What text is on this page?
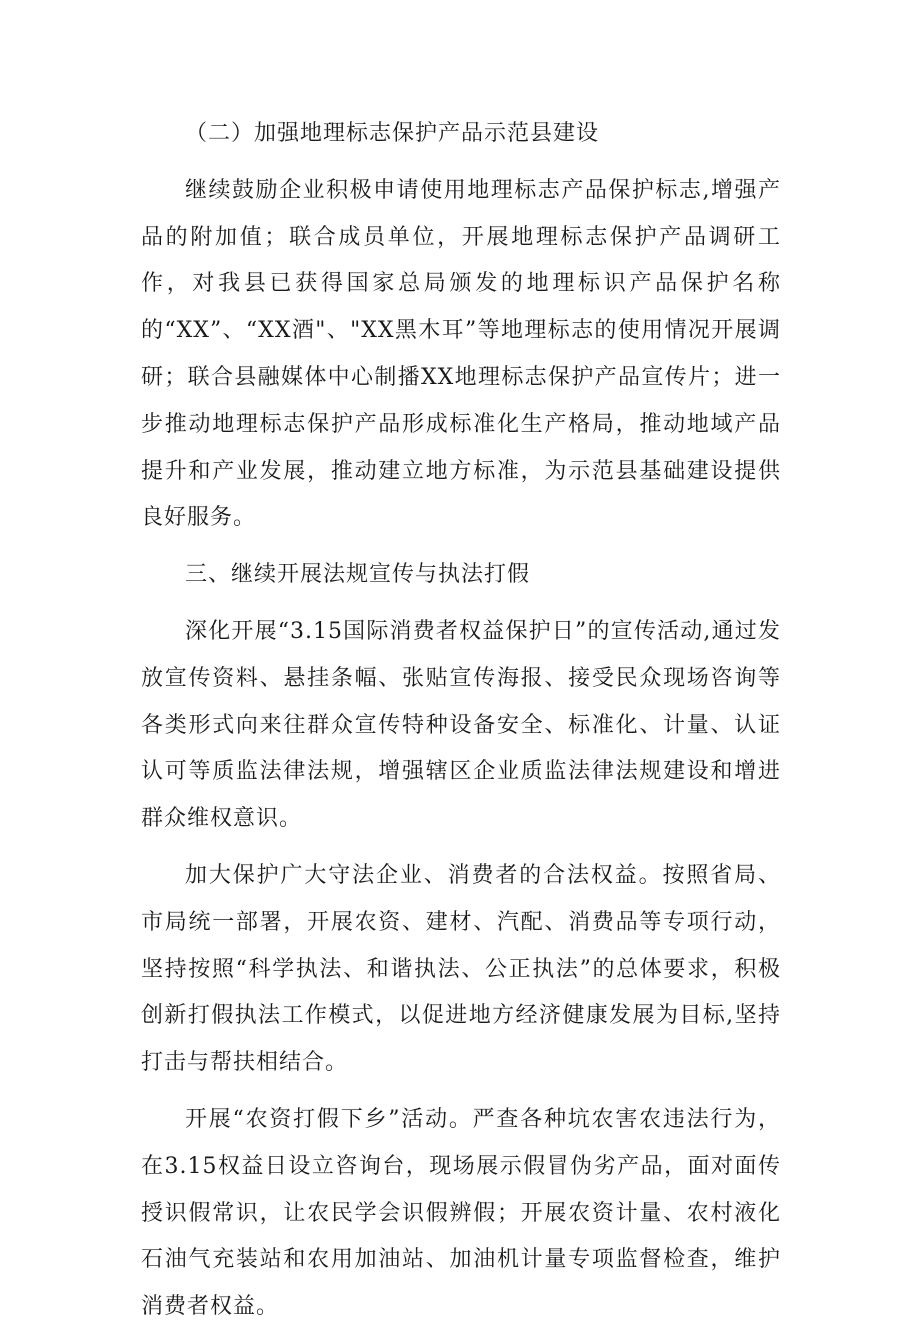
（二）加强地理标志保护产品示范县建设

继续鼓励企业积极申请使用地理标志产品保护标志,增强产品的附加值；联合成员单位，开展地理标志保护产品调研工作，对我县已获得国家总局颁发的地理标识产品保护名称的“XX”、“XX酒"、"XX黑木耳”等地理标志的使用情况开展调研；联合县融媒体中心制播XX地理标志保护产品宣传片；进一步推动地理标志保护产品形成标准化生产格局，推动地域产品提升和产业发展，推动建立地方标准，为示范县基础建设提供良好服务。

三、继续开展法规宣传与执法打假

深化开展“3.15国际消费者权益保护日”的宣传活动,通过发放宣传资料、悬挂条幅、张贴宣传海报、接受民众现场咨询等各类形式向来往群众宣传特种设备安全、标准化、计量、认证认可等质监法律法规，增强辖区企业质监法律法规建设和增进群众维权意识。

加大保护广大守法企业、消费者的合法权益。按照省局、市局统一部署，开展农资、建材、汽配、消费品等专项行动，坚持按照“科学执法、和谐执法、公正执法”的总体要求，积极创新打假执法工作模式，以促进地方经济健康发展为目标,坚持打击与帮扶相结合。

开展“农资打假下乡”活动。严查各种坑农害农违法行为，在3.15权益日设立咨询台，现场展示假冒伪劣产品，面对面传授识假常识，让农民学会识假辨假；开展农资计量、农村液化石油气充装站和农用加油站、加油机计量专项监督检查，维护消费者权益。
